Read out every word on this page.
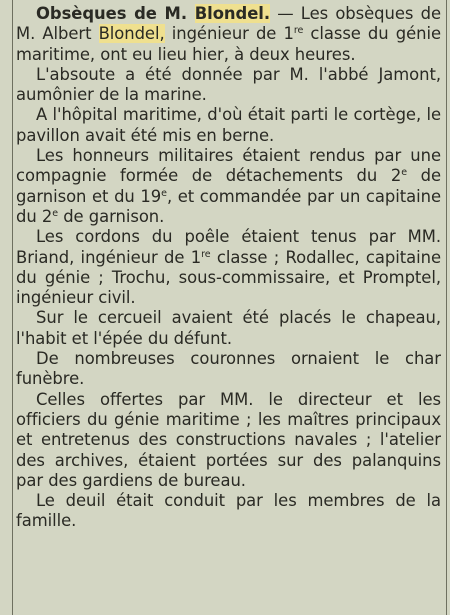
Obsèques de M. Blondel. — Les obsèques de M. Albert Blondel, ingénieur de 1re classe du génie maritime, ont eu lieu hier, à deux heures.

L'absoute a été donnée par M. l'abbé Jamont, aumônier de la marine.

A l'hôpital maritime, d'où était parti le cortège, le pavillon avait été mis en berne.

Les honneurs militaires étaient rendus par une compagnie formée de détachements du 2e de garnison et du 19e, et commandée par un capitaine du 2e de garnison.

Les cordons du poêle étaient tenus par MM. Briand, ingénieur de 1re classe ; Rodallec, capitaine du génie ; Trochu, sous-commissaire, et Promptel, ingénieur civil.

Sur le cercueil avaient été placés le chapeau, l'habit et l'épée du défunt.

De nombreuses couronnes ornaient le char funèbre.

Celles offertes par MM. le directeur et les officiers du génie maritime ; les maîtres principaux et entretenus des constructions navales ; l'atelier des archives, étaient portées sur des palanquins par des gardiens de bureau.

Le deuil était conduit par les membres de la famille.
